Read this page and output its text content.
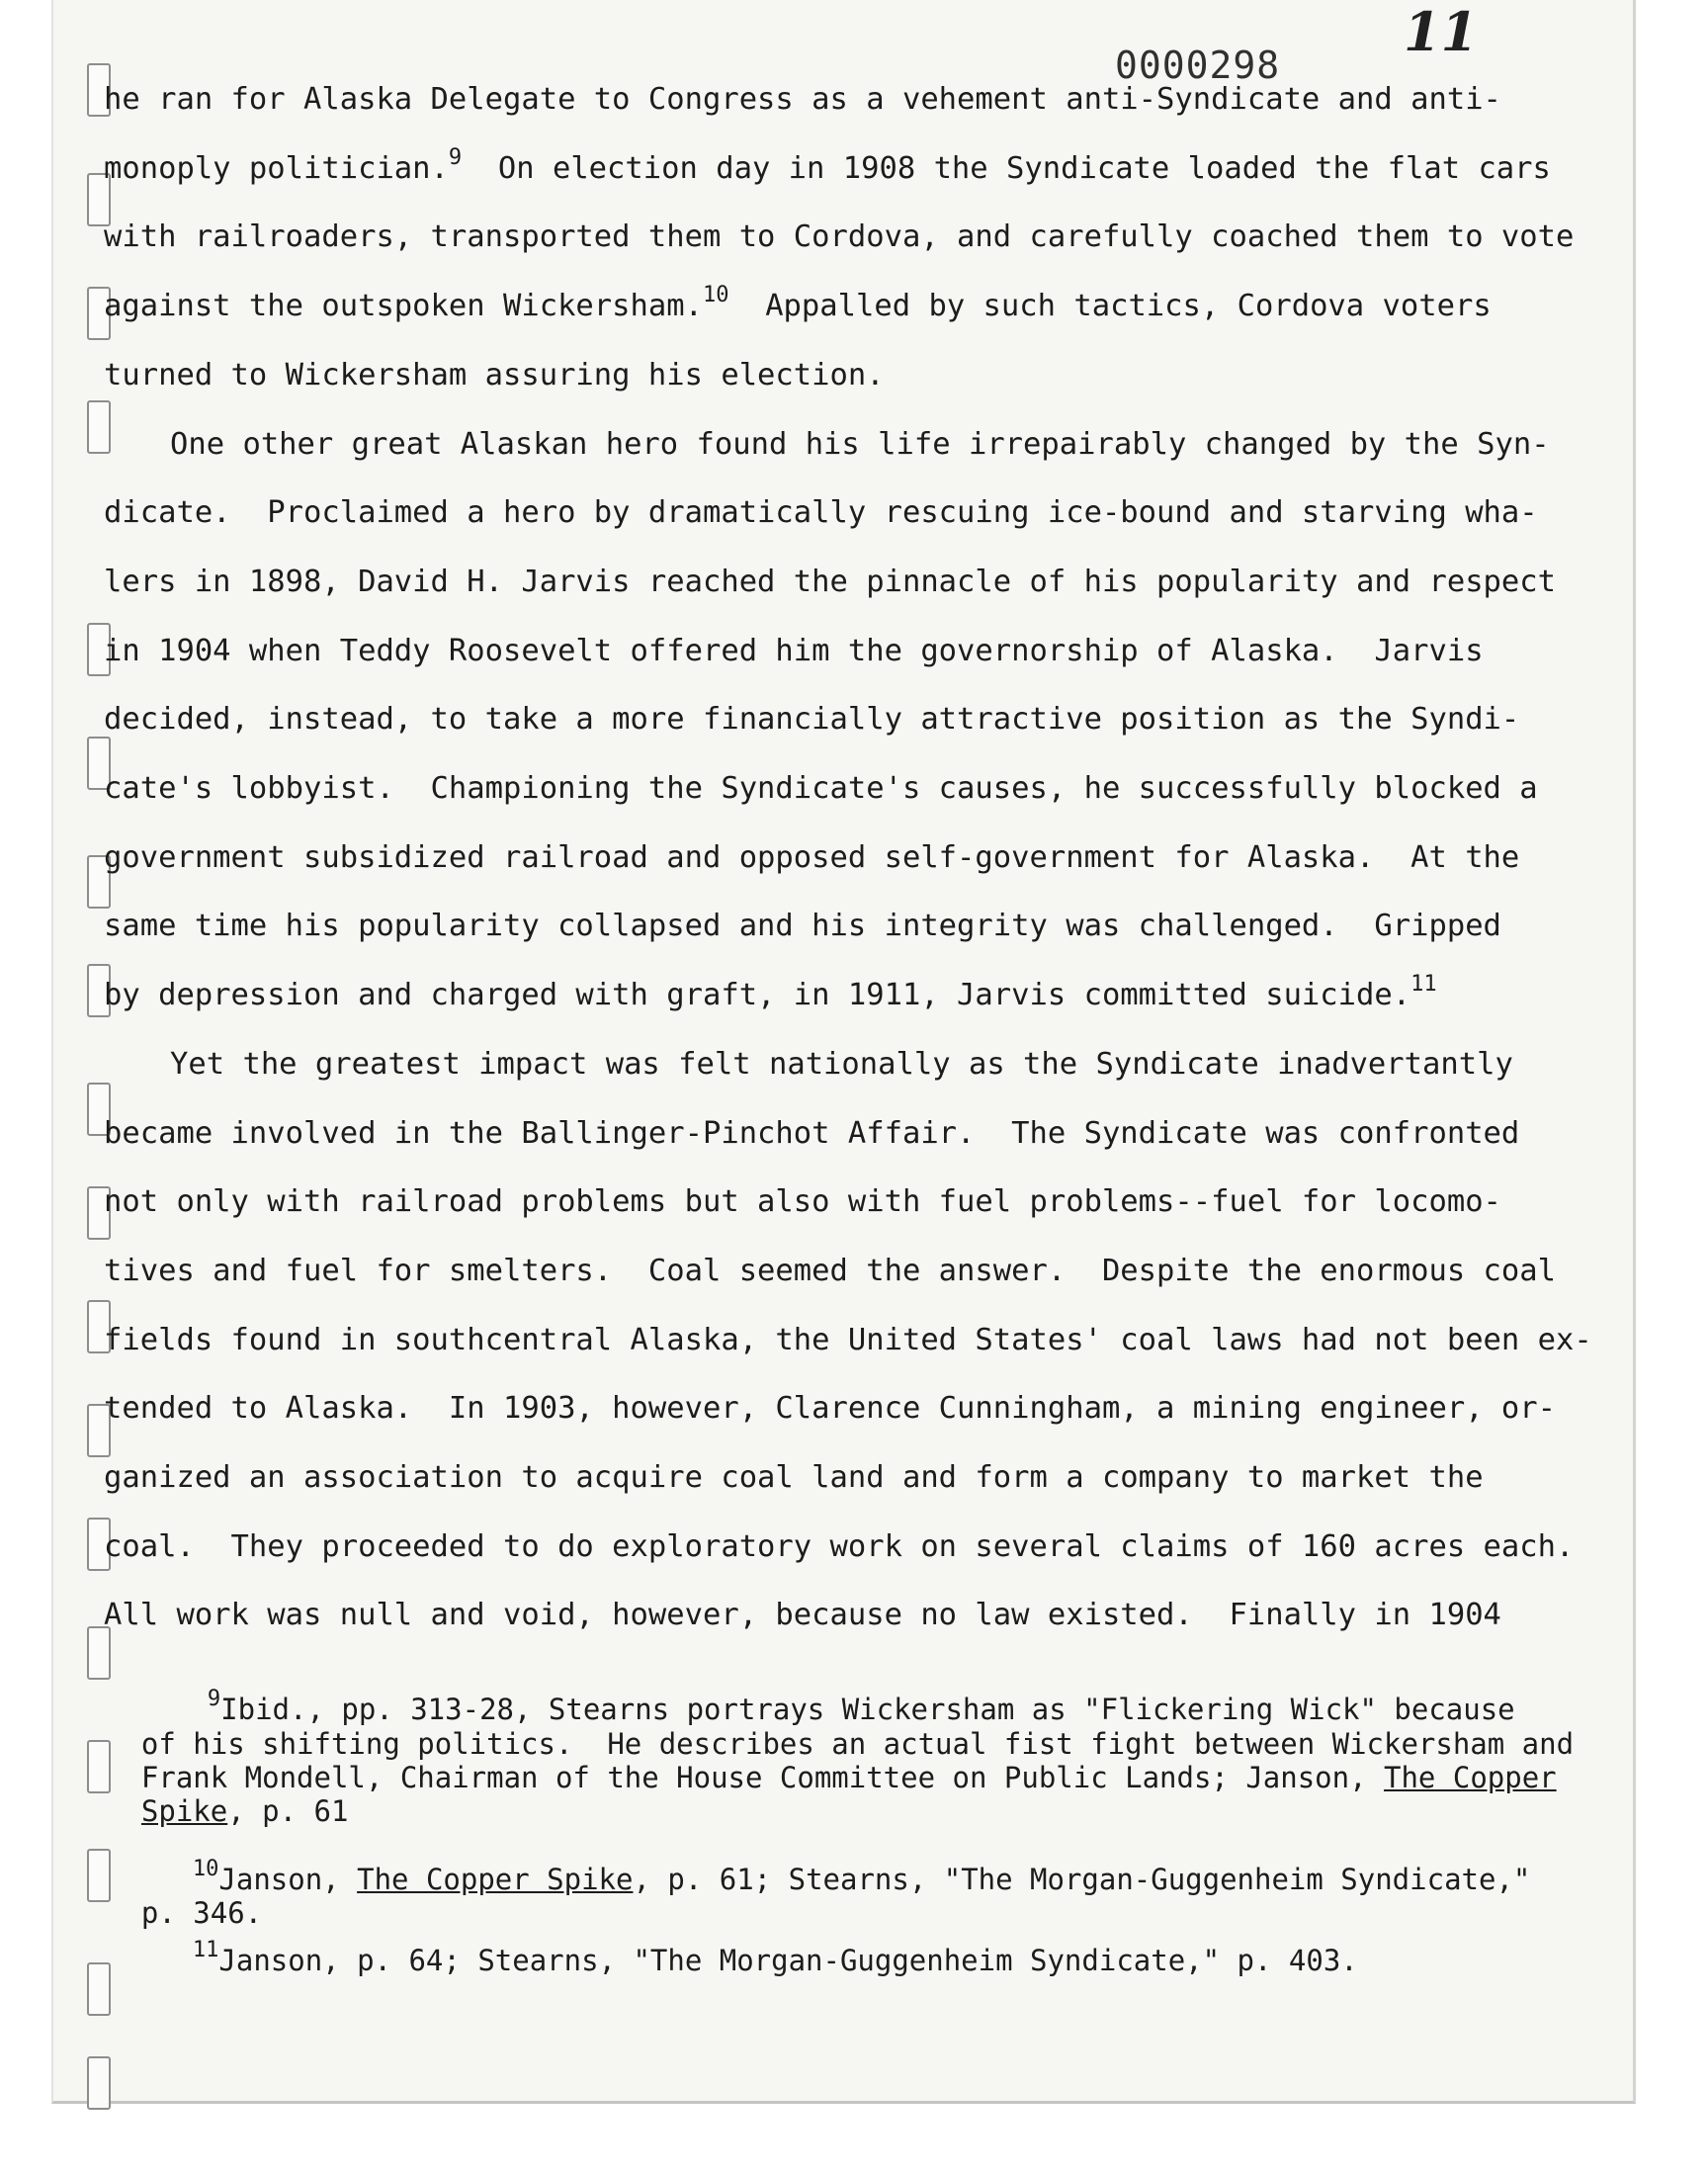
0000298
11
he ran for Alaska Delegate to Congress as a vehement anti-Syndicate and anti-
monoply politician.$^9$  On election day in 1908 the Syndicate loaded the flat cars
with railroaders, transported them to Cordova, and carefully coached them to vote
against the outspoken Wickersham.$^{10}$  Appalled by such tactics, Cordova voters
turned to Wickersham assuring his election.
One other great Alaskan hero found his life irrepairably changed by the Syn-
dicate.  Proclaimed a hero by dramatically rescuing ice-bound and starving wha-
lers in 1898, David H. Jarvis reached the pinnacle of his popularity and respect
in 1904 when Teddy Roosevelt offered him the governorship of Alaska.  Jarvis
decided, instead, to take a more financially attractive position as the Syndi-
cate's lobbyist.  Championing the Syndicate's causes, he successfully blocked a
government subsidized railroad and opposed self-government for Alaska.  At the
same time his popularity collapsed and his integrity was challenged.  Gripped
by depression and charged with graft, in 1911, Jarvis committed suicide.$^{11}$
Yet the greatest impact was felt nationally as the Syndicate inadvertantly
became involved in the Ballinger-Pinchot Affair.  The Syndicate was confronted
not only with railroad problems but also with fuel problems--fuel for locomo-
tives and fuel for smelters.  Coal seemed the answer.  Despite the enormous coal
fields found in southcentral Alaska, the United States' coal laws had not been ex-
tended to Alaska.  In 1903, however, Clarence Cunningham, a mining engineer, or-
ganized an association to acquire coal land and form a company to market the
coal.  They proceeded to do exploratory work on several claims of 160 acres each.
All work was null and void, however, because no law existed.  Finally in 1904

$^9$Ibid., pp. 313-28, Stearns portrays Wickersham as "Flickering Wick" because

of his shifting politics.  He describes an actual fist fight between Wickersham and

Frank Mondell, Chairman of the House Committee on Public Lands; Janson, The Copper

Spike, p. 61

$^{10}$Janson, The Copper Spike, p. 61; Stearns, "The Morgan-Guggenheim Syndicate,"

p. 346.

$^{11}$Janson, p. 64; Stearns, "The Morgan-Guggenheim Syndicate," p. 403.
